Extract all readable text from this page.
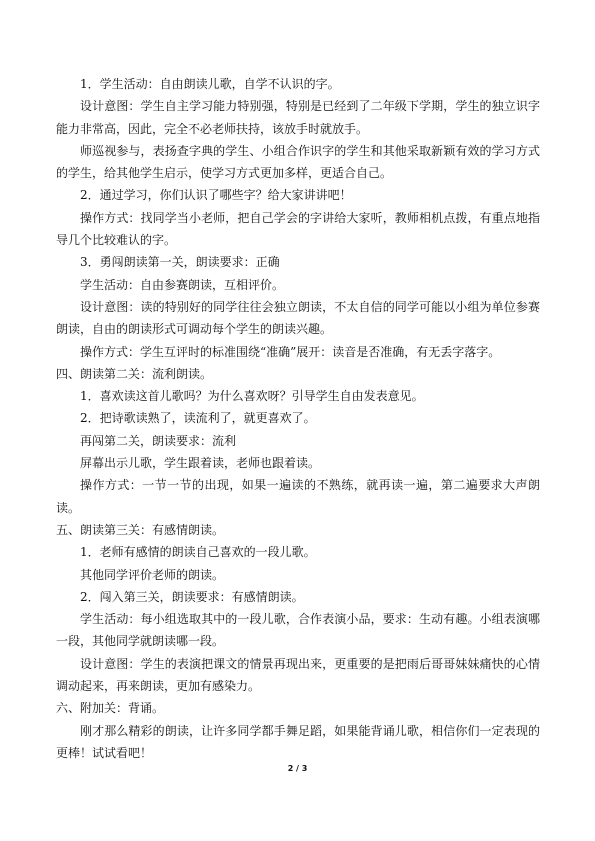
1．学生活动：自由朗读儿歌，自学不认识的字。

设计意图：学生自主学习能力特别强，特别是已经到了二年级下学期，学生的独立识字能力非常高，因此，完全不必老师扶持，该放手时就放手。

师巡视参与，表扬查字典的学生、小组合作识字的学生和其他采取新颖有效的学习方式的学生，给其他学生启示，使学习方式更加多样，更适合自己。

2．通过学习，你们认识了哪些字？给大家讲讲吧！

操作方式：找同学当小老师，把自己学会的字讲给大家听，教师相机点拨，有重点地指导几个比较难认的字。

3．勇闯朗读第一关，朗读要求：正确

学生活动：自由参赛朗读，互相评价。

设计意图：读的特别好的同学往往会独立朗读，不太自信的同学可能以小组为单位参赛朗读，自由的朗读形式可调动每个学生的朗读兴趣。

操作方式：学生互评时的标准围绕“准确”展开：读音是否准确，有无丢字落字。

四、朗读第二关：流利朗读。

1．喜欢读这首儿歌吗？为什么喜欢呀？引导学生自由发表意见。

2．把诗歌读熟了，读流利了，就更喜欢了。

再闯第二关，朗读要求：流利

屏幕出示儿歌，学生跟着读，老师也跟着读。

操作方式：一节一节的出现，如果一遍读的不熟练，就再读一遍，第二遍要求大声朗读。

五、朗读第三关：有感情朗读。

1．老师有感情的朗读自己喜欢的一段儿歌。

其他同学评价老师的朗读。

2．闯入第三关，朗读要求：有感情朗读。

学生活动：每小组选取其中的一段儿歌，合作表演小品，要求：生动有趣。小组表演哪一段，其他同学就朗读哪一段。

设计意图：学生的表演把课文的情景再现出来，更重要的是把雨后哥哥妹妹痛快的心情调动起来，再来朗读，更加有感染力。

六、附加关：背诵。

刚才那么精彩的朗读，让许多同学都手舞足蹈，如果能背诵儿歌，相信你们一定表现的更棒！试试看吧！

2 / 3
